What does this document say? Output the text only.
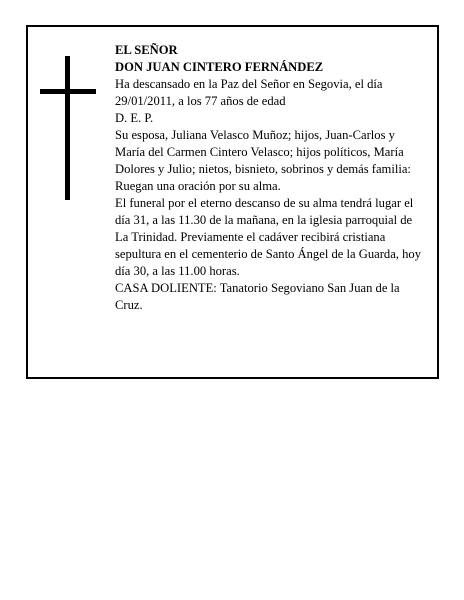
EL SEÑOR

DON JUAN CINTERO FERNÁNDEZ

Ha descansado en la Paz del Señor en Segovia, el día 29/01/2011, a los 77 años de edad

D. E. P.

Su esposa, Juliana Velasco Muñoz; hijos, Juan-Carlos y María del Carmen Cintero Velasco; hijos políticos, María Dolores y Julio; nietos, bisnieto, sobrinos y demás familia:

Ruegan una oración por su alma.

El funeral por el eterno descanso de su alma tendrá lugar el día 31, a las 11.30 de la mañana, en la iglesia parroquial de La Trinidad. Previamente el cadáver recibirá cristiana sepultura en el cementerio de Santo Ángel de la Guarda, hoy día 30, a las 11.00 horas.

CASA DOLIENTE: Tanatorio Segoviano San Juan de la Cruz.
